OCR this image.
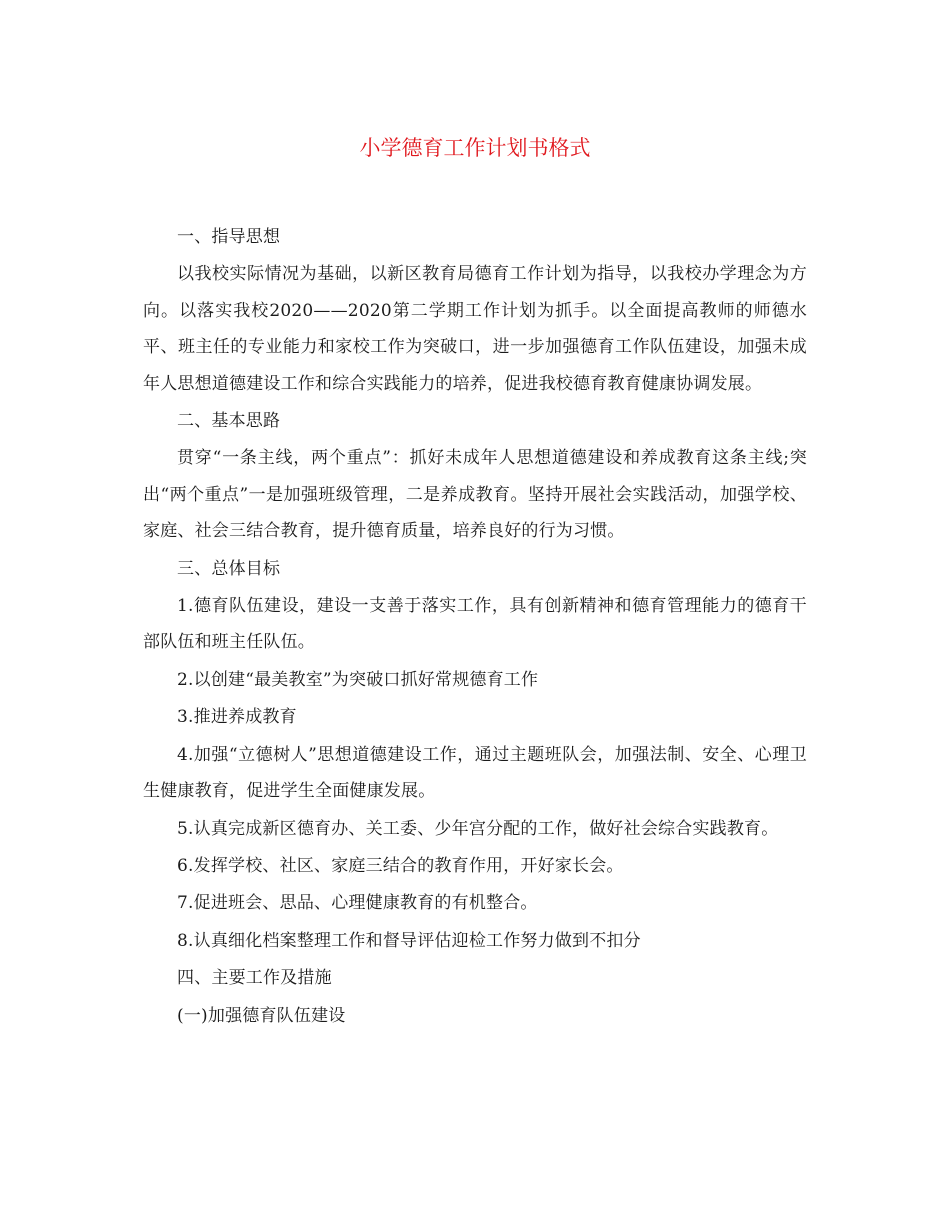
小学德育工作计划书格式

一、指导思想

以我校实际情况为基础，以新区教育局德育工作计划为指导，以我校办学理念为方向。以落实我校2020——2020第二学期工作计划为抓手。以全面提高教师的师德水平、班主任的专业能力和家校工作为突破口，进一步加强德育工作队伍建设，加强未成年人思想道德建设工作和综合实践能力的培养，促进我校德育教育健康协调发展。

二、基本思路

贯穿“一条主线，两个重点”：抓好未成年人思想道德建设和养成教育这条主线;突出“两个重点”一是加强班级管理，二是养成教育。坚持开展社会实践活动，加强学校、家庭、社会三结合教育，提升德育质量，培养良好的行为习惯。

三、总体目标

1.德育队伍建设，建设一支善于落实工作，具有创新精神和德育管理能力的德育干部队伍和班主任队伍。

2.以创建“最美教室”为突破口抓好常规德育工作

3.推进养成教育

4.加强“立德树人”思想道德建设工作，通过主题班队会，加强法制、安全、心理卫生健康教育，促进学生全面健康发展。

5.认真完成新区德育办、关工委、少年宫分配的工作，做好社会综合实践教育。

6.发挥学校、社区、家庭三结合的教育作用，开好家长会。

7.促进班会、思品、心理健康教育的有机整合。

8.认真细化档案整理工作和督导评估迎检工作努力做到不扣分

四、主要工作及措施

(一)加强德育队伍建设
